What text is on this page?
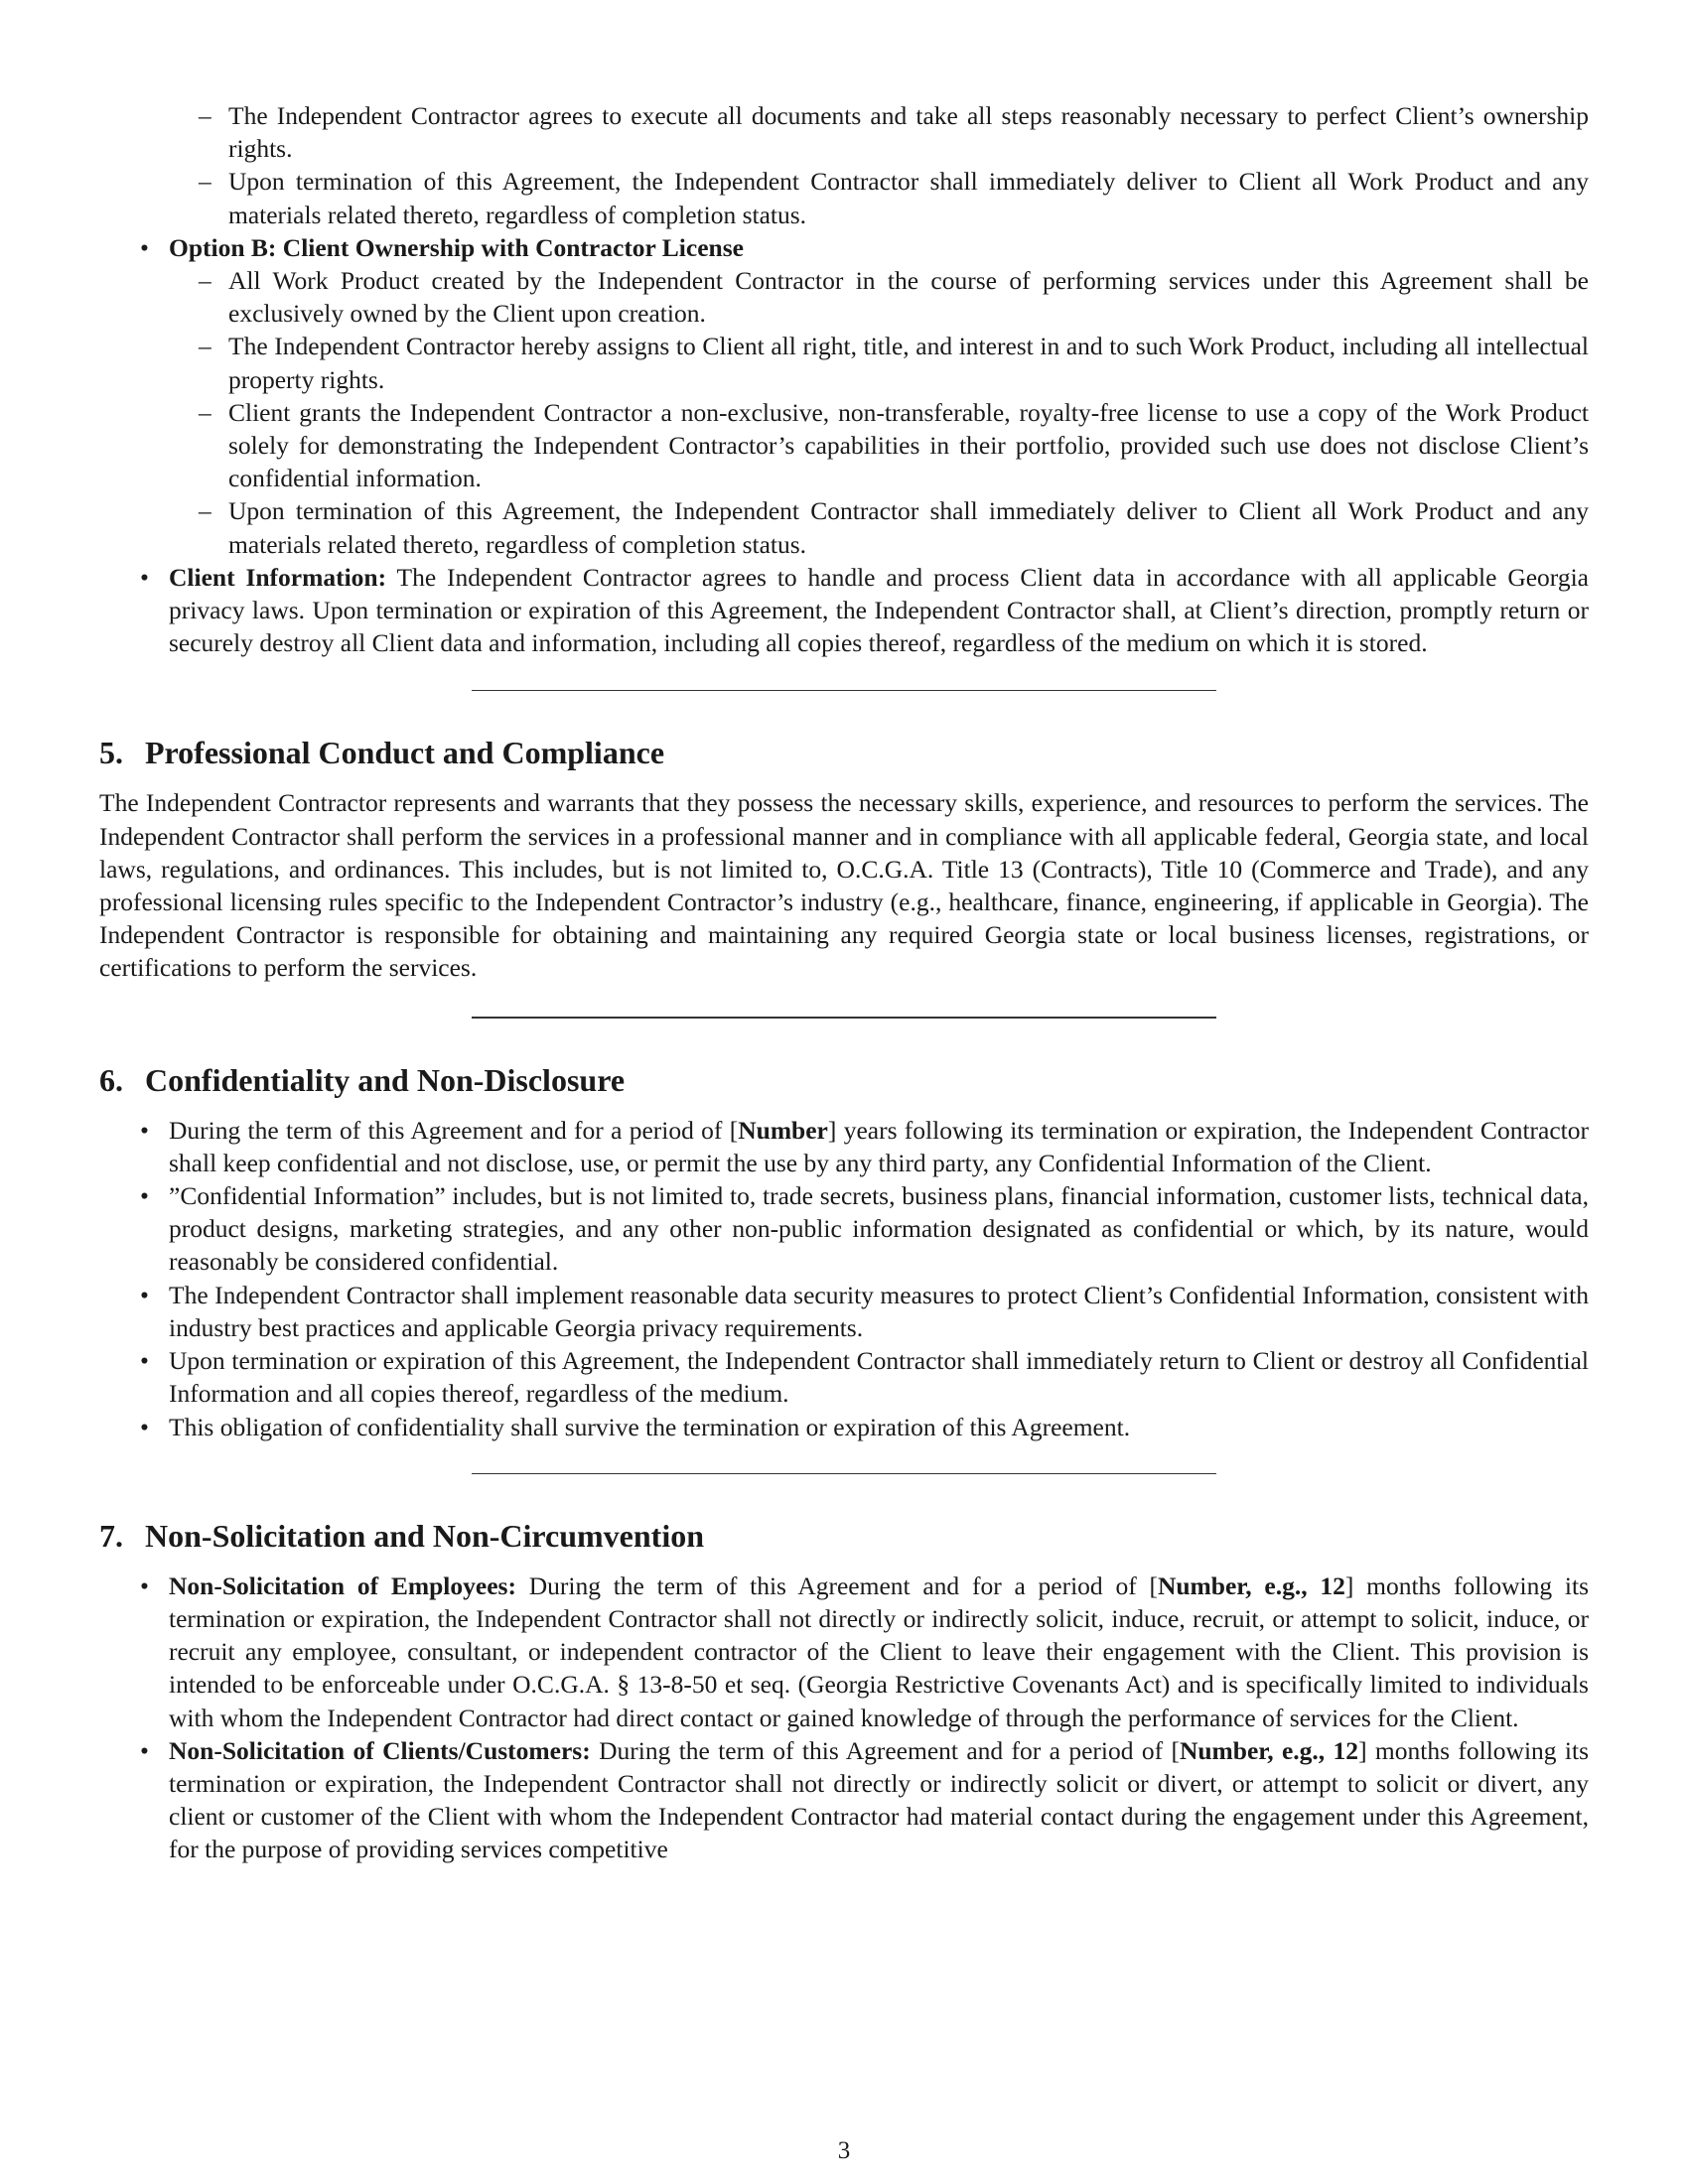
– The Independent Contractor agrees to execute all documents and take all steps reasonably necessary to perfect Client’s ownership rights.
– Upon termination of this Agreement, the Independent Contractor shall immediately deliver to Client all Work Product and any materials related thereto, regardless of completion status.
• Option B: Client Ownership with Contractor License
– All Work Product created by the Independent Contractor in the course of performing services under this Agreement shall be exclusively owned by the Client upon creation.
– The Independent Contractor hereby assigns to Client all right, title, and interest in and to such Work Product, including all intellectual property rights.
– Client grants the Independent Contractor a non-exclusive, non-transferable, royalty-free license to use a copy of the Work Product solely for demonstrating the Independent Contractor’s capabilities in their portfolio, provided such use does not disclose Client’s confidential information.
– Upon termination of this Agreement, the Independent Contractor shall immediately deliver to Client all Work Product and any materials related thereto, regardless of completion status.
• Client Information: The Independent Contractor agrees to handle and process Client data in accordance with all applicable Georgia privacy laws. Upon termination or expiration of this Agreement, the Independent Contractor shall, at Client’s direction, promptly return or securely destroy all Client data and information, including all copies thereof, regardless of the medium on which it is stored.
5. Professional Conduct and Compliance

The Independent Contractor represents and warrants that they possess the necessary skills, experience, and resources to perform the services. The Independent Contractor shall perform the services in a professional manner and in compliance with all applicable federal, Georgia state, and local laws, regulations, and ordinances. This includes, but is not limited to, O.C.G.A. Title 13 (Contracts), Title 10 (Commerce and Trade), and any professional licensing rules specific to the Independent Contractor’s industry (e.g., healthcare, finance, engineering, if applicable in Georgia). The Independent Contractor is responsible for obtaining and maintaining any required Georgia state or local business licenses, registrations, or certifications to perform the services.

6. Confidentiality and Non-Disclosure
• During the term of this Agreement and for a period of [Number] years following its termination or expiration, the Independent Contractor shall keep confidential and not disclose, use, or permit the use by any third party, any Confidential Information of the Client.
• ”Confidential Information” includes, but is not limited to, trade secrets, business plans, financial information, customer lists, technical data, product designs, marketing strategies, and any other non-public information designated as confidential or which, by its nature, would reasonably be considered confidential.
• The Independent Contractor shall implement reasonable data security measures to protect Client’s Confidential Information, consistent with industry best practices and applicable Georgia privacy requirements.
• Upon termination or expiration of this Agreement, the Independent Contractor shall immediately return to Client or destroy all Confidential Information and all copies thereof, regardless of the medium.
• This obligation of confidentiality shall survive the termination or expiration of this Agreement.
7. Non-Solicitation and Non-Circumvention
• Non-Solicitation of Employees: During the term of this Agreement and for a period of [Number, e.g., 12] months following its termination or expiration, the Independent Contractor shall not directly or indirectly solicit, induce, recruit, or attempt to solicit, induce, or recruit any employee, consultant, or independent contractor of the Client to leave their engagement with the Client. This provision is intended to be enforceable under O.C.G.A. § 13-8-50 et seq. (Georgia Restrictive Covenants Act) and is specifically limited to individuals with whom the Independent Contractor had direct contact or gained knowledge of through the performance of services for the Client.
• Non-Solicitation of Clients/Customers: During the term of this Agreement and for a period of [Number, e.g., 12] months following its termination or expiration, the Independent Contractor shall not directly or indirectly solicit or divert, or attempt to solicit or divert, any client or customer of the Client with whom the Independent Contractor had material contact during the engagement under this Agreement, for the purpose of providing services competitive
3
